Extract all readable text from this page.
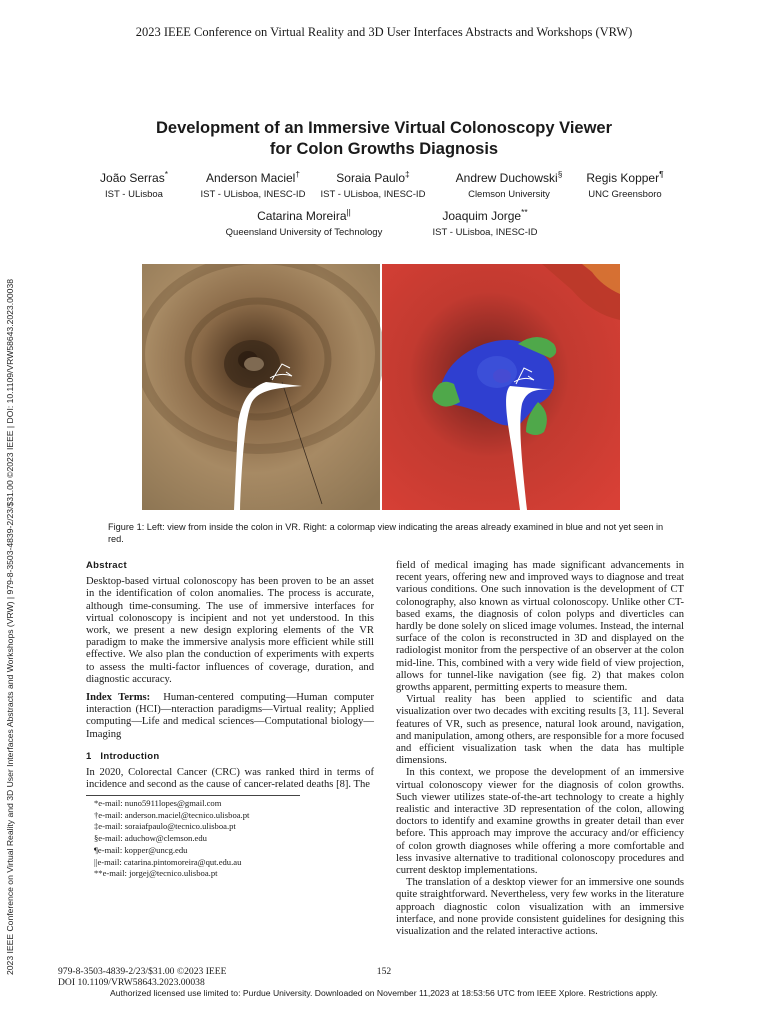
2023 IEEE Conference on Virtual Reality and 3D User Interfaces Abstracts and Workshops (VRW)
2023 IEEE Conference on Virtual Reality and 3D User Interfaces Abstracts and Workshops (VRW) | 979-8-3503-4839-2/23/$31.00 ©2023 IEEE | DOI: 10.1109/VRW58643.2023.00038
Development of an Immersive Virtual Colonoscopy Viewer
for Colon Growths Diagnosis
João Serras*
IST - ULisboa
Anderson Maciel†
IST - ULisboa, INESC-ID
Soraia Paulo‡
IST - ULisboa, INESC-ID
Andrew Duchowski§
Clemson University
Regis Kopper¶
UNC Greensboro
Catarina Moreira||
Queensland University of Technology
Joaquim Jorge**
IST - ULisboa, INESC-ID
Figure 1: Left: view from inside the colon in VR. Right: a colormap view indicating the areas already examined in blue and not yet seen in red.
Abstract

Desktop-based virtual colonoscopy has been proven to be an asset in the identification of colon anomalies. The process is accurate, although time-consuming. The use of immersive interfaces for virtual colonoscopy is incipient and not yet understood. In this work, we present a new design exploring elements of the VR paradigm to make the immersive analysis more efficient while still effective. We also plan the conduction of experiments with experts to assess the multi-factor influences of coverage, duration, and diagnostic accuracy.

Index Terms: Human-centered computing—Human computer interaction (HCI)—nteraction paradigms—Virtual reality; Applied computing—Life and medical sciences—Computational biology—Imaging

1 Introduction

In 2020, Colorectal Cancer (CRC) was ranked third in terms of incidence and second as the cause of cancer-related deaths [8]. The

*e-mail: nuno5911lopes@gmail.com
†e-mail: anderson.maciel@tecnico.ulisboa.pt
‡e-mail: soraiafpaulo@tecnico.ulisboa.pt
§e-mail: aduchow@clemson.edu
¶e-mail: kopper@uncg.edu
||e-mail: catarina.pintomoreira@qut.edu.au
**e-mail: jorgej@tecnico.ulisboa.pt

field of medical imaging has made significant advancements in recent years, offering new and improved ways to diagnose and treat various conditions. One such innovation is the development of CT colonography, also known as virtual colonoscopy. Unlike other CT-based exams, the diagnosis of colon polyps and diverticles can hardly be done solely on sliced image volumes. Instead, the internal surface of the colon is reconstructed in 3D and displayed on the radiologist monitor from the perspective of an observer at the colon mid-line. This, combined with a very wide field of view projection, allows for tunnel-like navigation (see fig. 2) that makes colon growths apparent, permitting experts to measure them.

Virtual reality has been applied to scientific and data visualization over two decades with exciting results [3, 11]. Several features of VR, such as presence, natural look around, navigation, and manipulation, among others, are responsible for a more focused and efficient visualization task when the data has multiple dimensions.

In this context, we propose the development of an immersive virtual colonoscopy viewer for the diagnosis of colon growths. Such viewer utilizes state-of-the-art technology to create a highly realistic and interactive 3D representation of the colon, allowing doctors to identify and examine growths in greater detail than ever before. This approach may improve the accuracy and/or efficiency of colon growth diagnoses while offering a more comfortable and less invasive alternative to traditional colonoscopy procedures and current desktop implementations.

The translation of a desktop viewer for an immersive one sounds quite straightforward. Nevertheless, very few works in the literature approach diagnostic colon visualization with an immersive interface, and none provide consistent guidelines for designing this visualization and the related interactive actions.

979-8-3503-4839-2/23/$31.00 ©2023 IEEE
DOI 10.1109/VRW58643.2023.00038
152
Authorized licensed use limited to: Purdue University. Downloaded on November 11,2023 at 18:53:56 UTC from IEEE Xplore. Restrictions apply.
